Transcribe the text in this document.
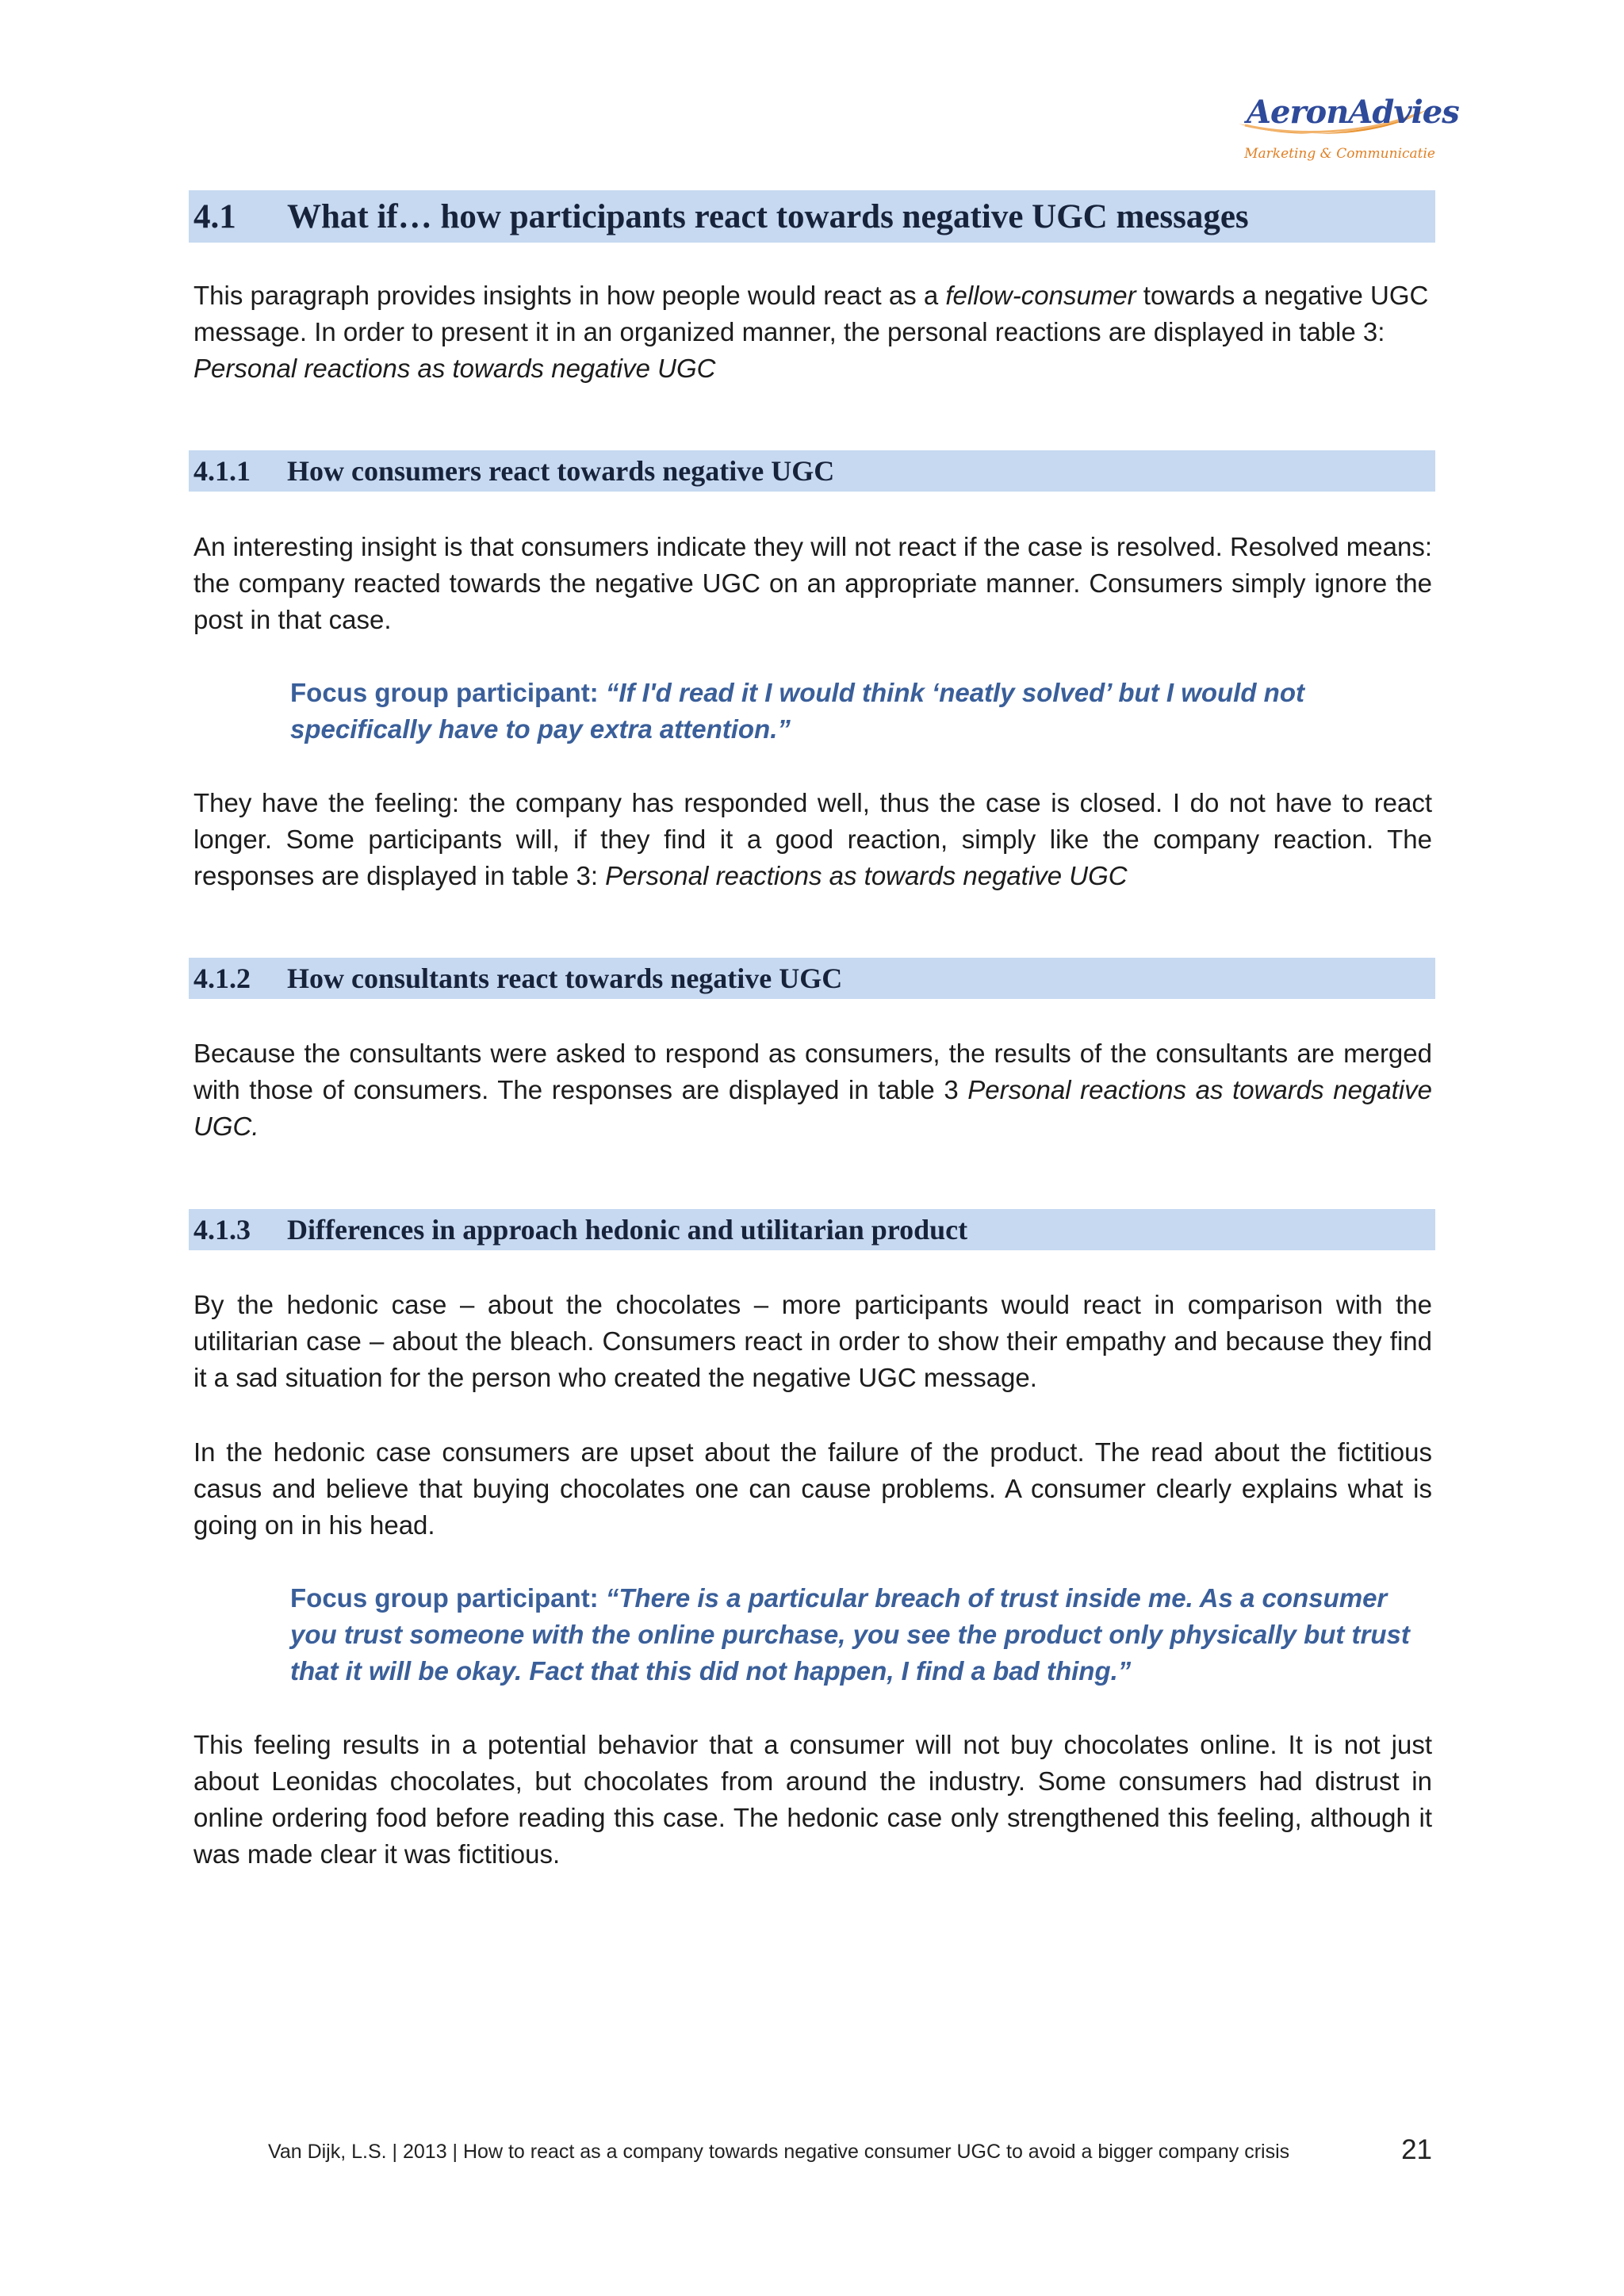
AeronAdvies
Marketing & Communicatie
4.1	What if… how participants react towards negative UGC messages
This paragraph provides insights in how people would react as a fellow-consumer towards a negative UGC message. In order to present it in an organized manner, the personal reactions are displayed in table 3: Personal reactions as towards negative UGC
4.1.1	How consumers react towards negative UGC
An interesting insight is that consumers indicate they will not react if the case is resolved. Resolved means: the company reacted towards the negative UGC on an appropriate manner. Consumers simply ignore the post in that case.
Focus group participant: “If I'd read it I would think ‘neatly solved’ but I would not specifically have to pay extra attention.”
They have the feeling: the company has responded well, thus the case is closed. I do not have to react longer. Some participants will, if they find it a good reaction, simply like the company reaction. The responses are displayed in table 3: Personal reactions as towards negative UGC
4.1.2	How consultants react towards negative UGC
Because the consultants were asked to respond as consumers, the results of the consultants are merged with those of consumers. The responses are displayed in table 3 Personal reactions as towards negative UGC.
4.1.3	Differences in approach hedonic and utilitarian product
By the hedonic case – about the chocolates – more participants would react in comparison with the utilitarian case – about the bleach. Consumers react in order to show their empathy and because they find it a sad situation for the person who created the negative UGC message.
In the hedonic case consumers are upset about the failure of the product. The read about the fictitious casus and believe that buying chocolates one can cause problems. A consumer clearly explains what is going on in his head.
Focus group participant: “There is a particular breach of trust inside me. As a consumer you trust someone with the online purchase, you see the product only physically but trust that it will be okay. Fact that this did not happen, I find a bad thing.”
This feeling results in a potential behavior that a consumer will not buy chocolates online. It is not just about Leonidas chocolates, but chocolates from around the industry. Some consumers had distrust in online ordering food before reading this case. The hedonic case only strengthened this feeling, although it was made clear it was fictitious.
Van Dijk, L.S. | 2013 | How to react as a company towards negative consumer UGC to avoid a bigger company crisis	21
